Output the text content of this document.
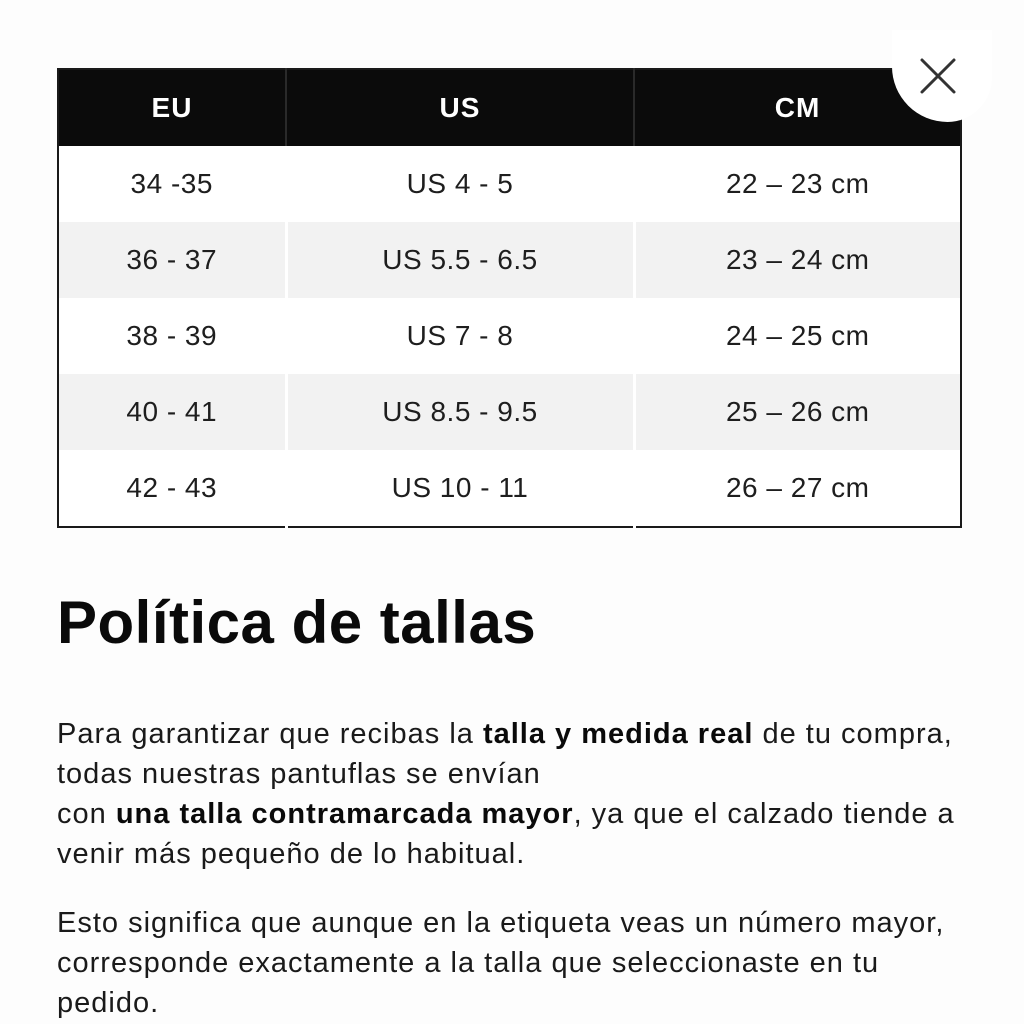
EU	US	CM
34 -35	US 4 - 5	22 – 23 cm
36 - 37	US 5.5 - 6.5	23 – 24 cm
38 - 39	US 7 - 8	24 – 25 cm
40 - 41	US 8.5 - 9.5	25 – 26 cm
42 - 43	US 10 - 11	26 – 27 cm
Política de tallas

Para garantizar que recibas la talla y medida real de tu compra, todas nuestras pantuflas se envían
con una talla contramarcada mayor, ya que el calzado tiende a venir más pequeño de lo habitual.

Esto significa que aunque en la etiqueta veas un número mayor, corresponde exactamente a la talla que seleccionaste en tu pedido.
